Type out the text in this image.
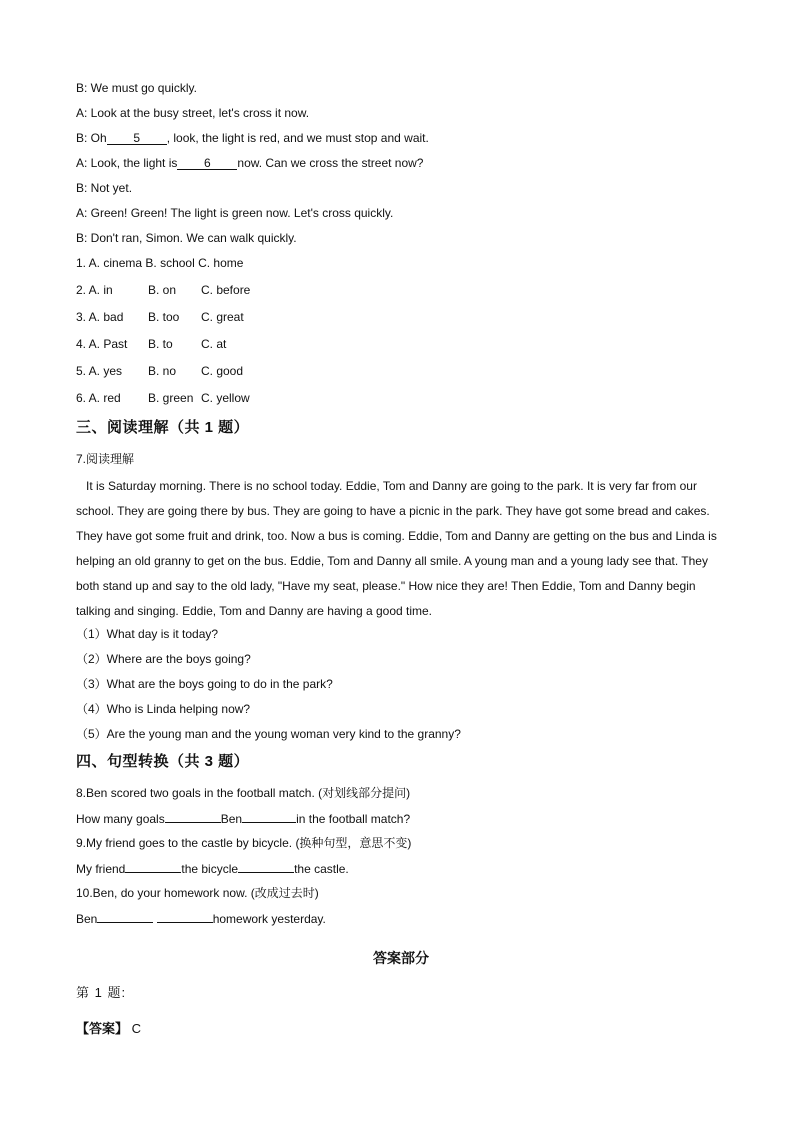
B: We must go quickly.
A: Look at the busy street, let's cross it now.
B: Oh 5 , look, the light is red, and we must stop and wait.
A: Look, the light is 6 now. Can we cross the street now?
B: Not yet.
A: Green! Green! The light is green now. Let's cross quickly.
B: Don't ran, Simon. We can walk quickly.
1. A. cinema B. school C. home
2. A. in	B. on C. before
3. A. bad B. too C. great
4. A. Past B. to C. at
5. A. yes B. no C. good
6. A. red B. green C. yellow
三、阅读理解（共 1 题）
7.阅读理解
It is Saturday morning. There is no school today. Eddie, Tom and Danny are going to the park. It is very far from our school. They are going there by bus. They are going to have a picnic in the park. They have got some bread and cakes. They have got some fruit and drink, too. Now a bus is coming. Eddie, Tom and Danny are getting on the bus and Linda is helping an old granny to get on the bus. Eddie, Tom and Danny all smile. A young man and a young lady see that. They both stand up and say to the old lady, "Have my seat, please." How nice they are! Then Eddie, Tom and Danny begin talking and singing. Eddie, Tom and Danny are having a good time.
（1）What day is it today?
（2）Where are the boys going?
（3）What are the boys going to do in the park?
（4）Who is Linda helping now?
（5）Are the young man and the young woman very kind to the granny?
四、句型转换（共 3 题）
8.Ben scored two goals in the football match. (对划线部分提问)
How many goals	Ben	in the football match?
9.My friend goes to the castle by bicycle. (换种句型，意思不变)
My friend	the bicycle	the castle.
10.Ben, do your homework now. (改成过去时)
Ben	homework yesterday.
答案部分
第 1 题:
【答案】 C
